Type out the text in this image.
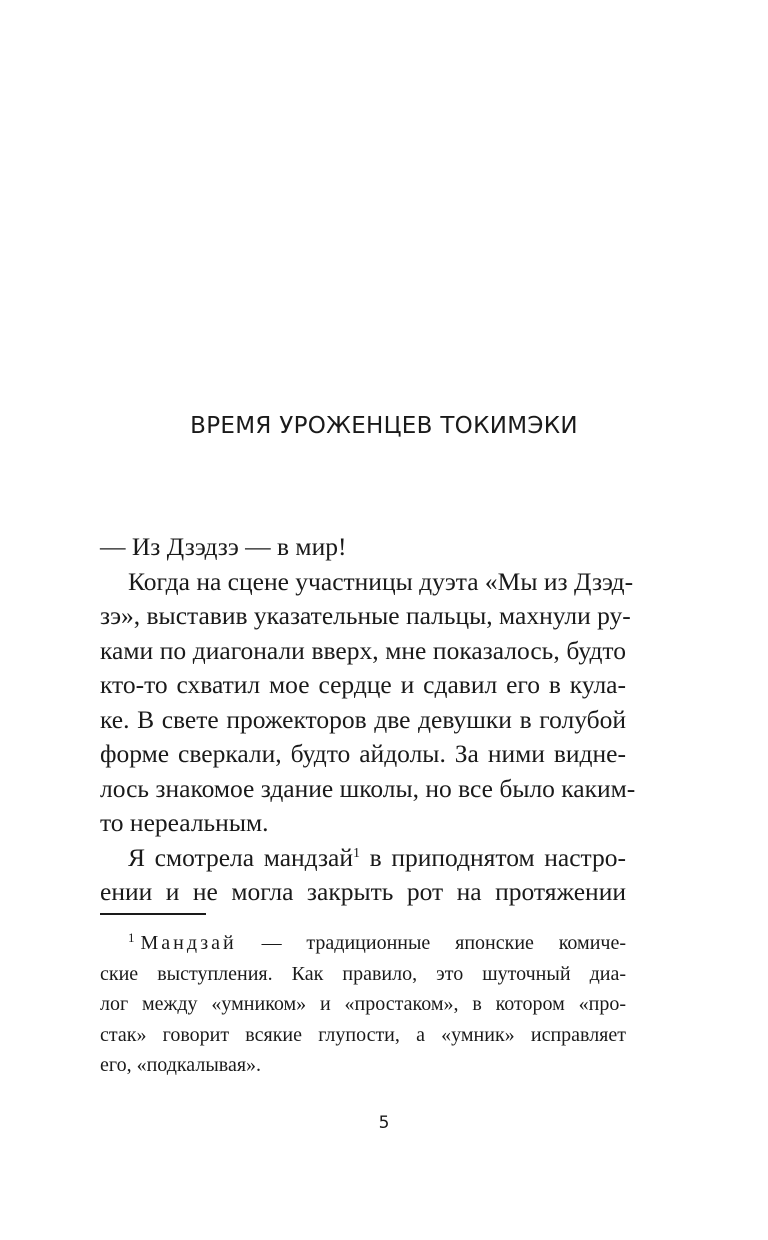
ВРЕМЯ УРОЖЕНЦЕВ ТОКИМЭКИ
— Из Дзэдзэ — в мир!
Когда на сцене участницы дуэта «Мы из Дзэд-
зэ», выставив указательные пальцы, махнули ру-
ками по диагонали вверх, мне показалось, будто
кто-то схватил мое сердце и сдавил его в кула-
ке. В свете прожекторов две девушки в голубой
форме сверкали, будто айдолы. За ними видне-
лось знакомое здание школы, но все было каким-
то нереальным.
Я смотрела мандзай$^1$ в приподнятом настро-
ении и не могла закрыть рот на протяжении
$^1$ Мандзай — традиционные японские комиче-
ские выступления. Как правило, это шуточный диа-
лог между «умником» и «простаком», в котором «про-
стак» говорит всякие глупости, а «умник» исправляет
его, «подкалывая».
5
